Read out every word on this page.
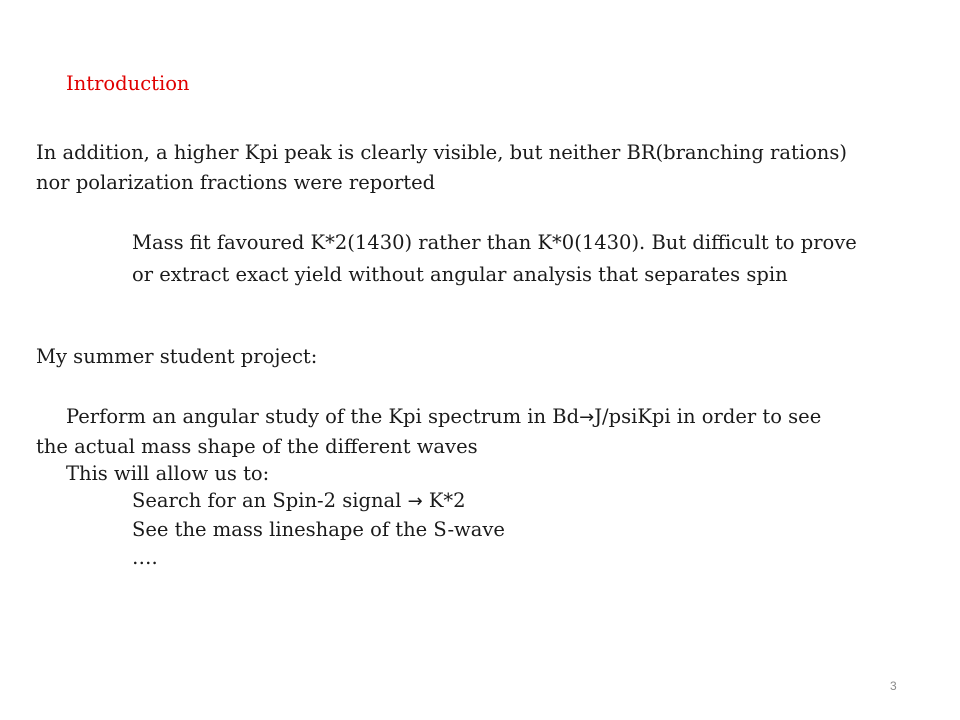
Introduction
In addition, a higher Kpi peak is clearly visible, but neither BR(branching rations)
nor polarization fractions were reported
Mass fit favoured K*2(1430) rather than K*0(1430). But difficult to prove
or extract exact yield without angular analysis that separates spin
My summer student project:
Perform an angular study of the Kpi spectrum in Bd→J/psiKpi in order to see
the actual mass shape of the different waves
This will allow us to:
Search for an Spin-2 signal → K*2
See the mass lineshape of the S-wave
….
3
